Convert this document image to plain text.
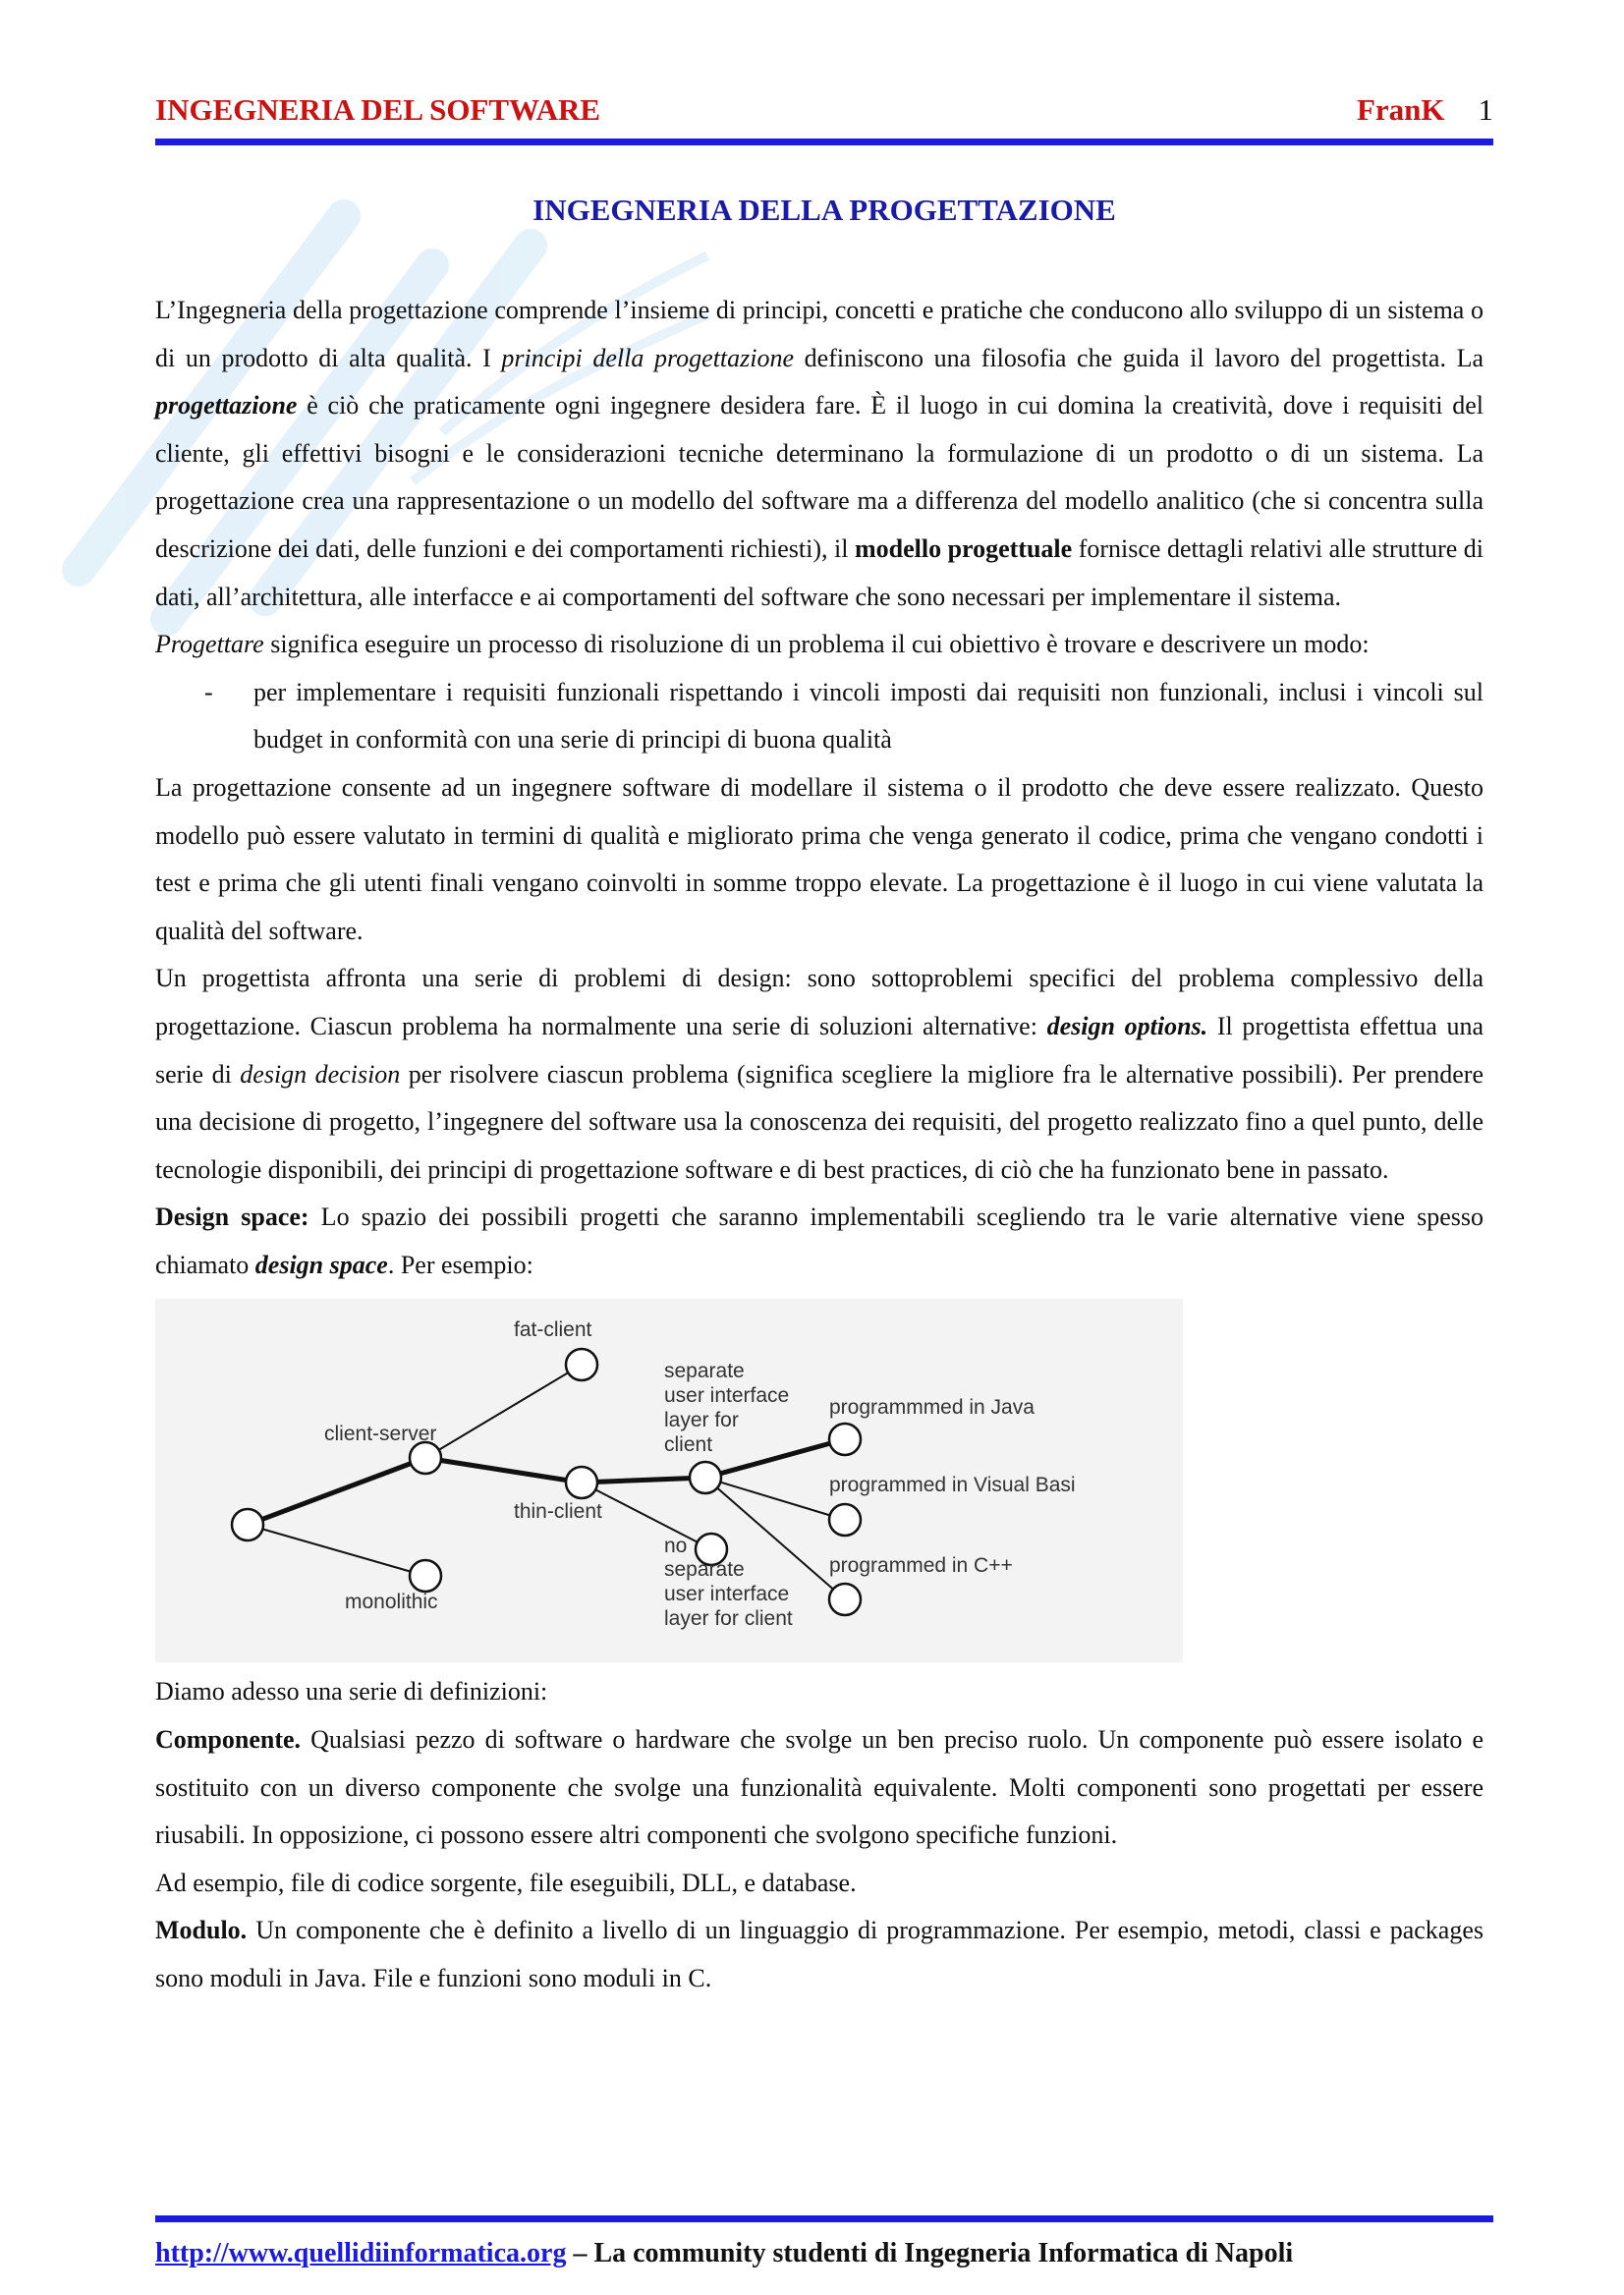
INGEGNERIA DEL SOFTWARE	FranK 1
INGEGNERIA DELLA PROGETTAZIONE

L’Ingegneria della progettazione comprende l’insieme di principi, concetti e pratiche che conducono allo sviluppo di un sistema o di un prodotto di alta qualità. I principi della progettazione definiscono una filosofia che guida il lavoro del progettista. La progettazione è ciò che praticamente ogni ingegnere desidera fare. È il luogo in cui domina la creatività, dove i requisiti del cliente, gli effettivi bisogni e le considerazioni tecniche determinano la formulazione di un prodotto o di un sistema. La progettazione crea una rappresentazione o un modello del software ma a differenza del modello analitico (che si concentra sulla descrizione dei dati, delle funzioni e dei comportamenti richiesti), il modello progettuale fornisce dettagli relativi alle strutture di dati, all’architettura, alle interfacce e ai comportamenti del software che sono necessari per implementare il sistema.

Progettare significa eseguire un processo di risoluzione di un problema il cui obiettivo è trovare e descrivere un modo:

- per implementare i requisiti funzionali rispettando i vincoli imposti dai requisiti non funzionali, inclusi i vincoli sul budget in conformità con una serie di principi di buona qualità

La progettazione consente ad un ingegnere software di modellare il sistema o il prodotto che deve essere realizzato. Questo modello può essere valutato in termini di qualità e migliorato prima che venga generato il codice, prima che vengano condotti i test e prima che gli utenti finali vengano coinvolti in somme troppo elevate. La progettazione è il luogo in cui viene valutata la qualità del software.

Un progettista affronta una serie di problemi di design: sono sottoproblemi specifici del problema complessivo della progettazione. Ciascun problema ha normalmente una serie di soluzioni alternative: design options. Il progettista effettua una serie di design decision per risolvere ciascun problema (significa scegliere la migliore fra le alternative possibili). Per prendere una decisione di progetto, l’ingegnere del software usa la conoscenza dei requisiti, del progetto realizzato fino a quel punto, delle tecnologie disponibili, dei principi di progettazione software e di best practices, di ciò che ha funzionato bene in passato.

Design space: Lo spazio dei possibili progetti che saranno implementabili scegliendo tra le varie alternative viene spesso chiamato design space. Per esempio:

fat-client
client-server
thin-client
monolithic
separate
user interface
layer for
client
no
separate
user interface
layer for client
programmmed in Java
programmed in Visual Basi
programmed in C++

Diamo adesso una serie di definizioni:

Componente. Qualsiasi pezzo di software o hardware che svolge un ben preciso ruolo. Un componente può essere isolato e sostituito con un diverso componente che svolge una funzionalità equivalente. Molti componenti sono progettati per essere riusabili. In opposizione, ci possono essere altri componenti che svolgono specifiche funzioni.

Ad esempio, file di codice sorgente, file eseguibili, DLL, e database.

Modulo. Un componente che è definito a livello di un linguaggio di programmazione. Per esempio, metodi, classi e packages sono moduli in Java. File e funzioni sono moduli in C.

http://www.quellidiinformatica.org – La community studenti di Ingegneria Informatica di Napoli
